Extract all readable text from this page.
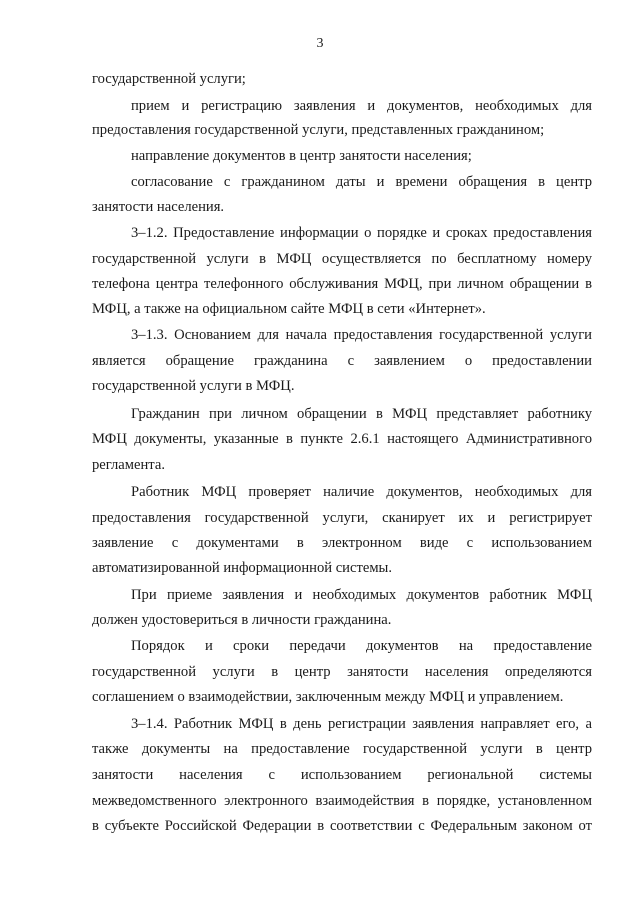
3
государственной услуги;
прием и регистрацию заявления и документов, необходимых для
предоставления государственной услуги, представленных гражданином;
направление документов в центр занятости населения;
согласование с гражданином даты и времени обращения в центр
занятости населения.
3–1.2. Предоставление информации о порядке и сроках предоставления
государственной услуги в МФЦ осуществляется по бесплатному номеру
телефона центра телефонного обслуживания МФЦ, при личном обращении в
МФЦ, а также на официальном сайте МФЦ в сети «Интернет».
3–1.3. Основанием для начала предоставления государственной услуги
является обращение гражданина с заявлением о предоставлении
государственной услуги в МФЦ.
Гражданин при личном обращении в МФЦ представляет работнику
МФЦ документы, указанные в пункте 2.6.1 настоящего Административного
регламента.
Работник МФЦ проверяет наличие документов, необходимых для
предоставления государственной услуги, сканирует их и регистрирует
заявление с документами в электронном виде с использованием
автоматизированной информационной системы.
При приеме заявления и необходимых документов работник МФЦ
должен удостовериться в личности гражданина.
Порядок и сроки передачи документов на предоставление
государственной услуги в центр занятости населения определяются
соглашением о взаимодействии, заключенным между МФЦ и управлением.
3–1.4. Работник МФЦ в день регистрации заявления направляет его, а
также документы на предоставление государственной услуги в центр
занятости населения с использованием региональной системы
межведомственного электронного взаимодействия в порядке, установленном
в субъекте Российской Федерации в соответствии с Федеральным законом от
